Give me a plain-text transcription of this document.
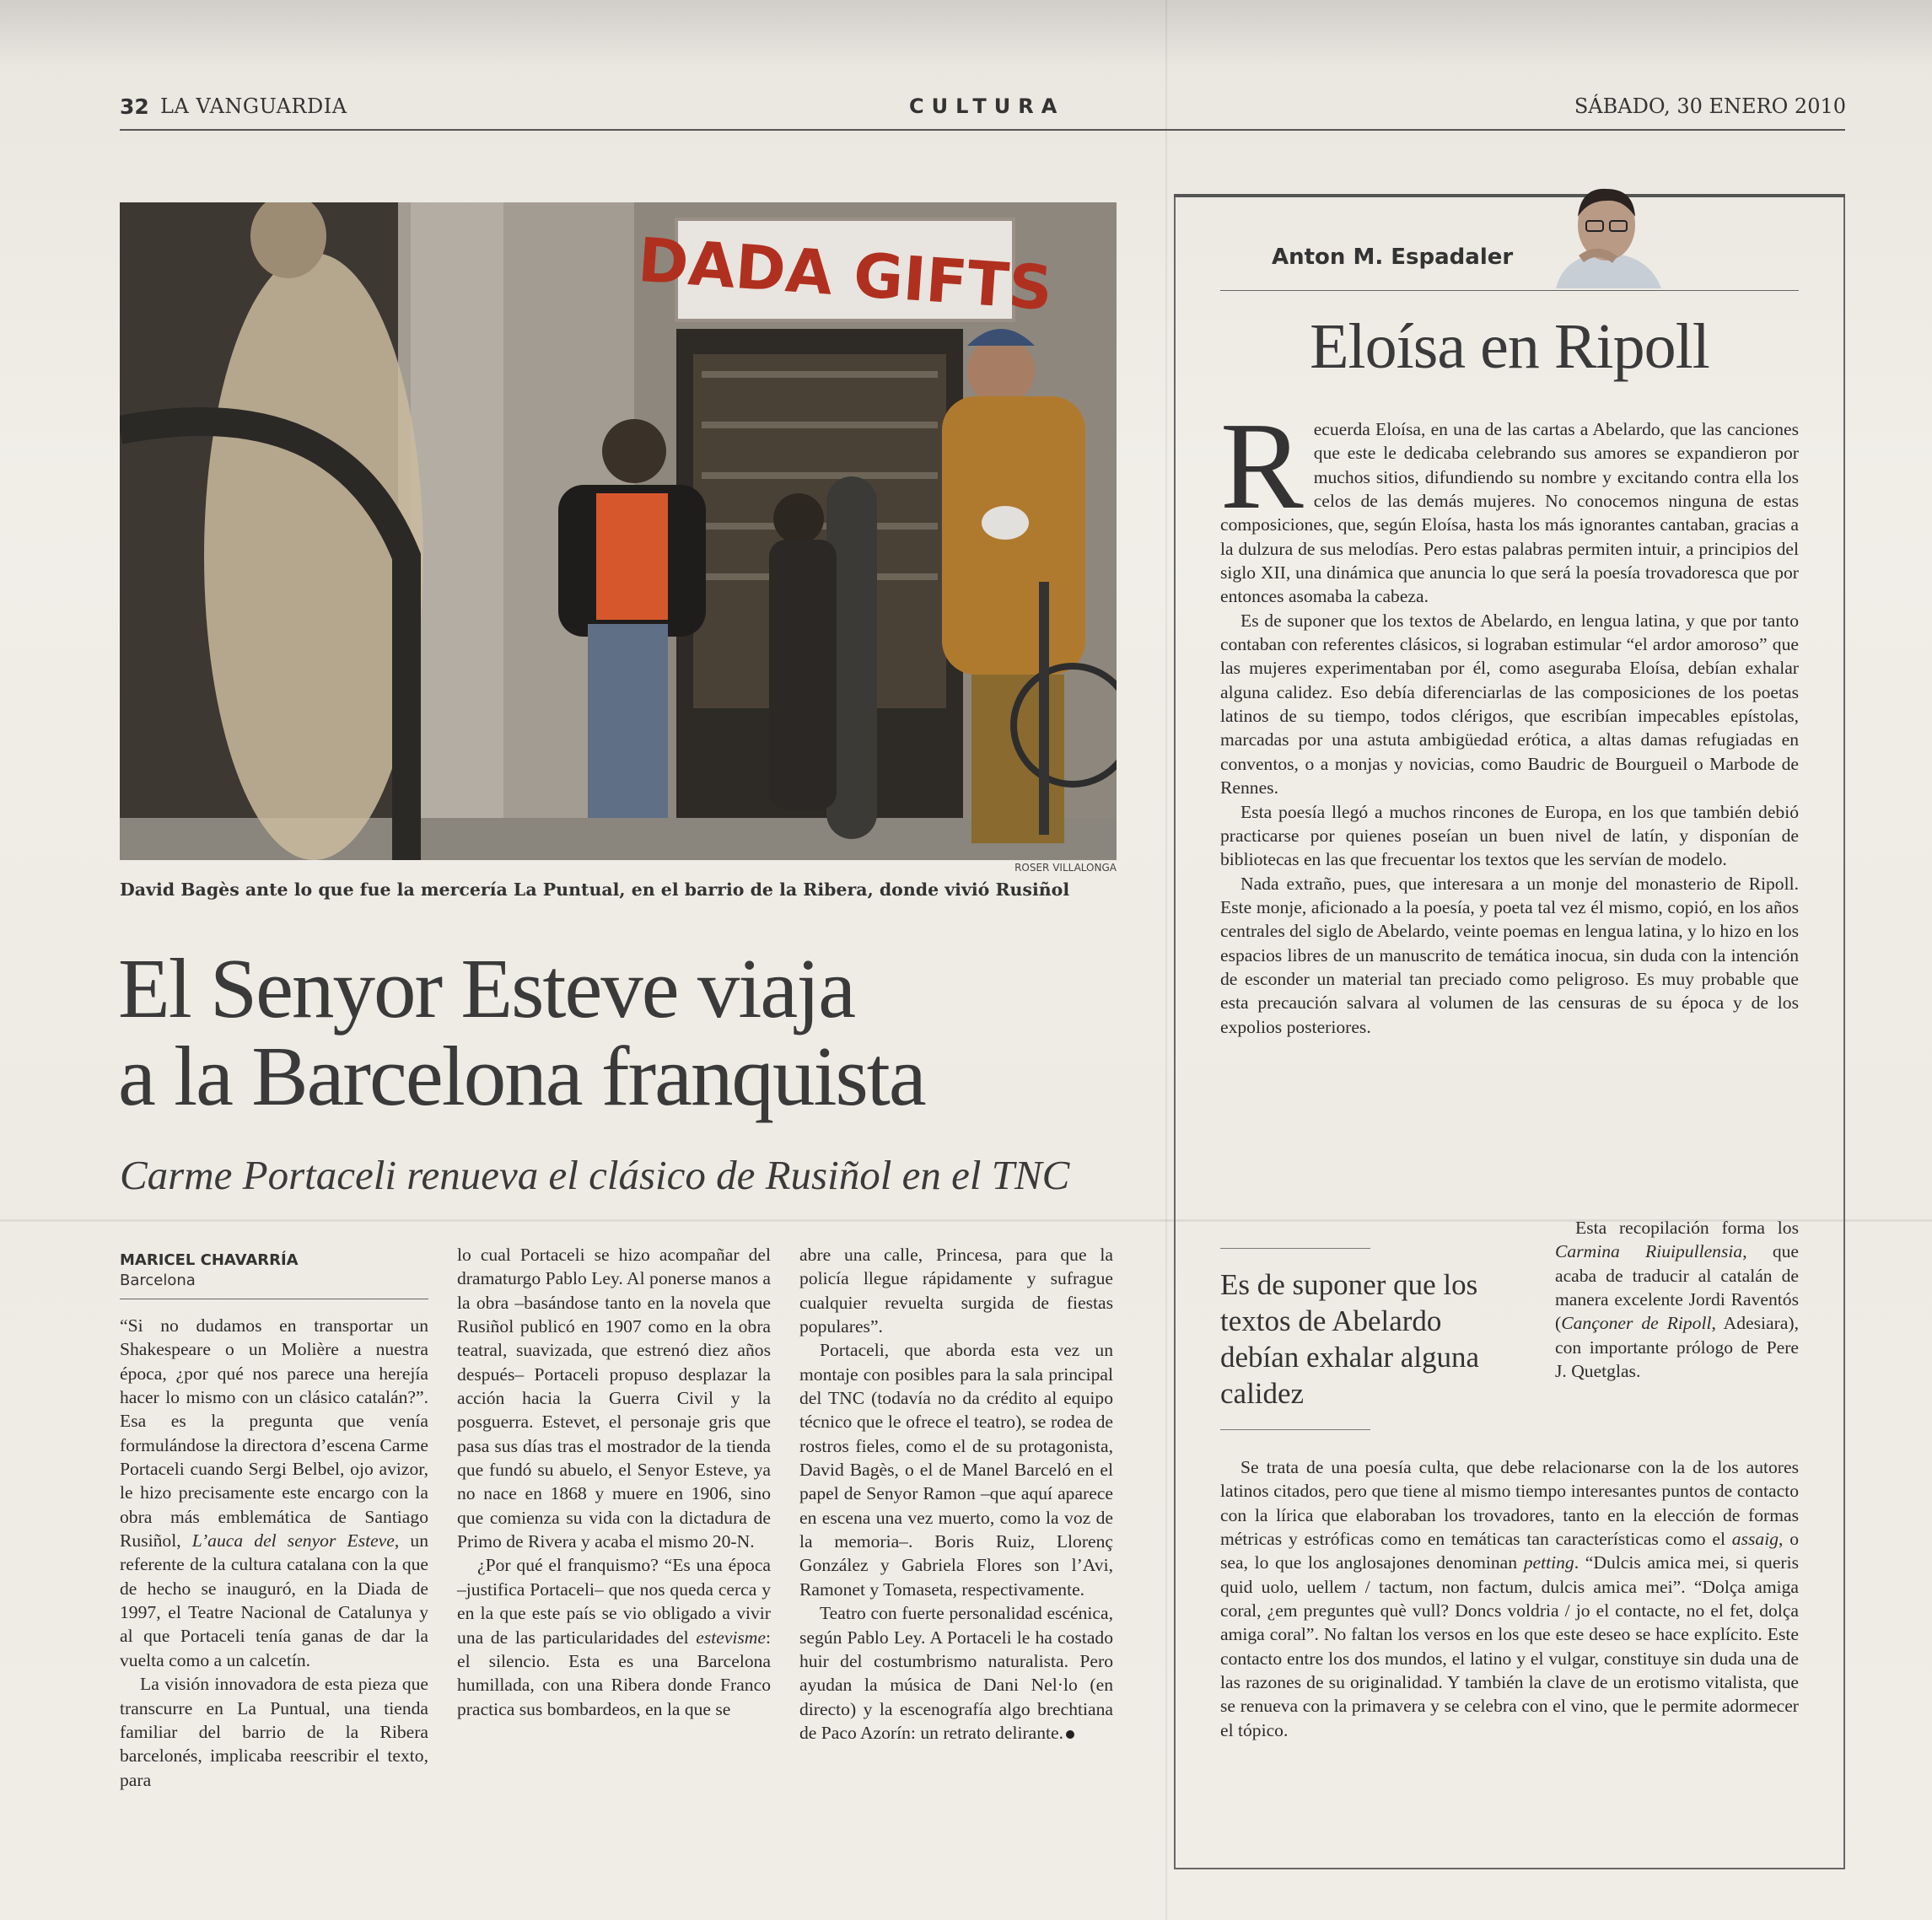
32 LA VANGUARDIA	CULTURA	SÁBADO, 30 ENERO 2010
DADA GIFTS
ROSER VILLALONGA
David Bagès ante lo que fue la mercería La Puntual, en el barrio de la Ribera, donde vivió Rusiñol
El Senyor Esteve viaja
a la Barcelona franquista
Carme Portaceli renueva el clásico de Rusiñol en el TNC
MARICEL CHAVARRÍA
Barcelona

“Si no dudamos en transportar un Shakespeare o un Molière a nuestra época, ¿por qué nos parece una herejía hacer lo mismo con un clásico catalán?”. Esa es la pregunta que venía formulándose la directora d’escena Carme Portaceli cuando Sergi Belbel, ojo avizor, le hizo precisamente este encargo con la obra más emblemática de Santiago Rusiñol, L’auca del senyor Esteve, un referente de la cultura catalana con la que de hecho se inauguró, en la Diada de 1997, el Teatre Nacional de Catalunya y al que Portaceli tenía ganas de dar la vuelta como a un calcetín.

La visión innovadora de esta pieza que transcurre en La Puntual, una tienda familiar del barrio de la Ribera barcelonés, implicaba reescribir el texto, para

lo cual Portaceli se hizo acompañar del dramaturgo Pablo Ley. Al ponerse manos a la obra –basándose tanto en la novela que Rusiñol publicó en 1907 como en la obra teatral, suavizada, que estrenó diez años después– Portaceli propuso desplazar la acción hacia la Guerra Civil y la posguerra. Estevet, el personaje gris que pasa sus días tras el mostrador de la tienda que fundó su abuelo, el Senyor Esteve, ya no nace en 1868 y muere en 1906, sino que comienza su vida con la dictadura de Primo de Rivera y acaba el mismo 20-N.

¿Por qué el franquismo? “Es una época –justifica Portaceli– que nos queda cerca y en la que este país se vio obligado a vivir una de las particularidades del estevisme: el silencio. Esta es una Barcelona humillada, con una Ribera donde Franco practica sus bombardeos, en la que se

abre una calle, Princesa, para que la policía llegue rápidamente y sufrague cualquier revuelta surgida de fiestas populares”.

Portaceli, que aborda esta vez un montaje con posibles para la sala principal del TNC (todavía no da crédito al equipo técnico que le ofrece el teatro), se rodea de rostros fieles, como el de su protagonista, David Bagès, o el de Manel Barceló en el papel de Senyor Ramon –que aquí aparece en escena una vez muerto, como la voz de la memoria–. Boris Ruiz, Llorenç González y Gabriela Flores son l’Avi, Ramonet y Tomaseta, respectivamente.

Teatro con fuerte personalidad escénica, según Pablo Ley. A Portaceli le ha costado huir del costumbrismo naturalista. Pero ayudan la música de Dani Nel·lo (en directo) y la escenografía algo brechtiana de Paco Azorín: un retrato delirante.

Anton M. Espadaler
Eloísa en Ripoll

Recuerda Eloísa, en una de las cartas a Abelardo, que las canciones que este le dedicaba celebrando sus amores se expandieron por muchos sitios, difundiendo su nombre y excitando contra ella los celos de las demás mujeres. No conocemos ninguna de estas composiciones, que, según Eloísa, hasta los más ignorantes cantaban, gracias a la dulzura de sus melodías. Pero estas palabras permiten intuir, a principios del siglo XII, una dinámica que anuncia lo que será la poesía trovadoresca que por entonces asomaba la cabeza.

Es de suponer que los textos de Abelardo, en lengua latina, y que por tanto contaban con referentes clásicos, si lograban estimular “el ardor amoroso” que las mujeres experimentaban por él, como aseguraba Eloísa, debían exhalar alguna calidez. Eso debía diferenciarlas de las composiciones de los poetas latinos de su tiempo, todos clérigos, que escribían impecables epístolas, marcadas por una astuta ambigüedad erótica, a altas damas refugiadas en conventos, o a monjas y novicias, como Baudric de Bourgueil o Marbode de Rennes.

Esta poesía llegó a muchos rincones de Europa, en los que también debió practicarse por quienes poseían un buen nivel de latín, y disponían de bibliotecas en las que frecuentar los textos que les servían de modelo.

Nada extraño, pues, que interesara a un monje del monasterio de Ripoll. Este monje, aficionado a la poesía, y poeta tal vez él mismo, copió, en los años centrales del siglo de Abelardo, veinte poemas en lengua latina, y lo hizo en los espacios libres de un manuscrito de temática inocua, sin duda con la intención de esconder un material tan preciado como peligroso. Es muy probable que esta precaución salvara al volumen de las censuras de su época y de los expolios posteriores.

Es de suponer que los textos de Abelardo debían exhalar alguna calidez

Esta recopilación forma los Carmina Riuipullensia, que acaba de traducir al catalán de manera excelente Jordi Raventós (Cançoner de Ripoll, Adesiara), con importante prólogo de Pere J. Quetglas.

Se trata de una poesía culta, que debe relacionarse con la de los autores latinos citados, pero que tiene al mismo tiempo interesantes puntos de contacto con la lírica que elaboraban los trovadores, tanto en la elección de formas métricas y estróficas como en temáticas tan características como el assaig, o sea, lo que los anglosajones denominan petting. “Dulcis amica mei, si queris quid uolo, uellem / tactum, non factum, dulcis amica mei”. “Dolça amiga coral, ¿em preguntes què vull? Doncs voldria / jo el contacte, no el fet, dolça amiga coral”. No faltan los versos en los que este deseo se hace explícito. Este contacto entre los dos mundos, el latino y el vulgar, constituye sin duda una de las razones de su originalidad. Y también la clave de un erotismo vitalista, que se renueva con la primavera y se celebra con el vino, que le permite adormecer el tópico.
